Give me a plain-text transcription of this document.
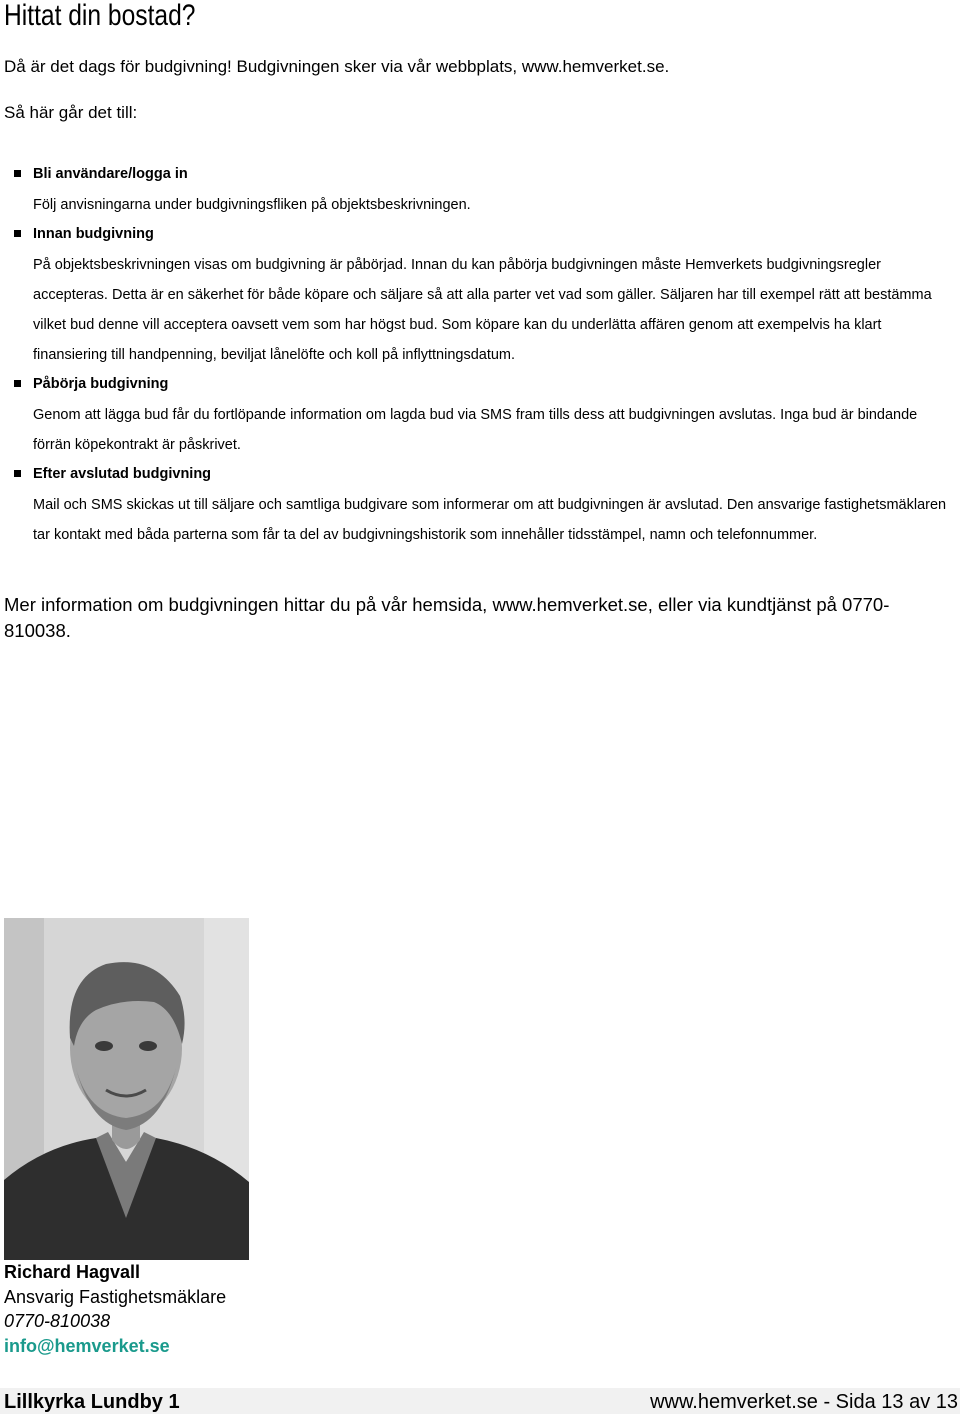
Hittat din bostad?
Då är det dags för budgivning! Budgivningen sker via vår webbplats, www.hemverket.se.
Så här går det till:
Bli användare/logga in
Följ anvisningarna under budgivningsfliken på objektsbeskrivningen.
Innan budgivning
På objektsbeskrivningen visas om budgivning är påbörjad. Innan du kan påbörja budgivningen måste Hemverkets budgivningsregler accepteras. Detta är en säkerhet för både köpare och säljare så att alla parter vet vad som gäller. Säljaren har till exempel rätt att bestämma vilket bud denne vill acceptera oavsett vem som har högst bud. Som köpare kan du underlätta affären genom att exempelvis ha klart finansiering till handpenning, beviljat lånelöfte och koll på inflyttningsdatum.
Påbörja budgivning
Genom att lägga bud får du fortlöpande information om lagda bud via SMS fram tills dess att budgivningen avslutas. Inga bud är bindande förrän köpekontrakt är påskrivet.
Efter avslutad budgivning
Mail och SMS skickas ut till säljare och samtliga budgivare som informerar om att budgivningen är avslutad. Den ansvarige fastighetsmäklaren tar kontakt med båda parterna som får ta del av budgivningshistorik som innehåller tidsstämpel, namn och telefonnummer.
Mer information om budgivningen hittar du på vår hemsida, www.hemverket.se, eller via kundtjänst på 0770-810038.
Richard Hagvall
Ansvarig Fastighetsmäklare
0770-810038
info@hemverket.se
Lillkyrka Lundby 1	www.hemverket.se - Sida 13 av 13
